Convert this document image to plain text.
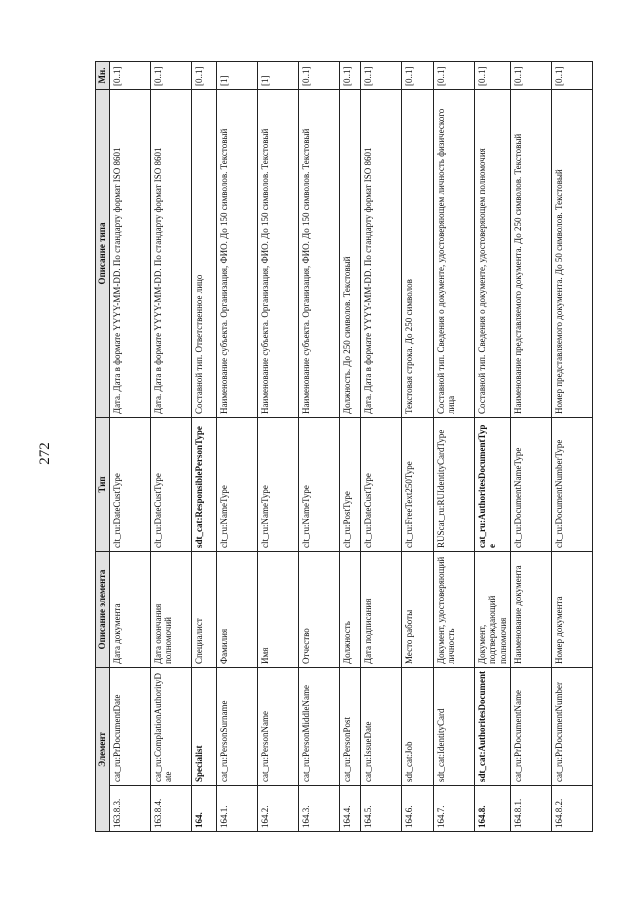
272
Элемент		Описание элемента	Тип	Описание типа	Мн.
163.8.3.	cat_ru:PrDocumentDate	Дата документа	clt_ru:DateCustType	Дата. Дата в формате YYYY-MM-DD. По стандарту формат ISO 8601	[0..1]
163.8.4.	cat_ru:ComplationAuthorityDate	Дата окончания полномочий	clt_ru:DateCustType	Дата. Дата в формате YYYY-MM-DD. По стандарту формат ISO 8601	[0..1]
164.	Specialist	Специалист	sdt_cat:ResponsiblePersonType	Составной тип. Ответственное лицо	[0..1]
164.1.	cat_ru:PersonSurname	Фамилия	clt_ru:NameType	Наименование субъекта. Организация, ФИО. До 150 символов. Текстовый	[1]
164.2.	cat_ru:PersonName	Имя	clt_ru:NameType	Наименование субъекта. Организация, ФИО. До 150 символов. Текстовый	[1]
164.3.	cat_ru:PersonMiddleName	Отчество	clt_ru:NameType	Наименование субъекта. Организация, ФИО. До 150 символов. Текстовый	[0..1]
164.4.	cat_ru:PersonPost	Должность	clt_ru:PostType	Должность. До 250 символов. Текстовый	[0..1]
164.5.	cat_ru:IssueDate	Дата подписания	clt_ru:DateCustType	Дата. Дата в формате YYYY-MM-DD. По стандарту формат ISO 8601	[0..1]
164.6.	sdt_cat:Job	Место работы	clt_ru:FreeText250Type	Текстовая строка. До 250 символов	[0..1]
164.7.	sdt_cat:IdentityCard	Документ, удостоверяющий личность	RUScat_ru:RUIdentityCardType	Составной тип. Сведения о документе, удостоверяющем личность физического лица	[0..1]
164.8.	sdt_cat:AuthoritesDocument	Документ, подтверждающий полномочия	cat_ru:AuthoritesDocumentType	Составной тип. Сведения о документе, удостоверяющем полномочия	[0..1]
164.8.1.	cat_ru:PrDocumentName	Наименование документа	clt_ru:DocumentNameType	Наименование представляемого документа. До 250 символов. Текстовый	[0..1]
164.8.2.	cat_ru:PrDocumentNumber	Номер документа	clt_ru:DocumentNumberType	Номер представляемого документа. До 50 символов. Текстовый	[0..1]
